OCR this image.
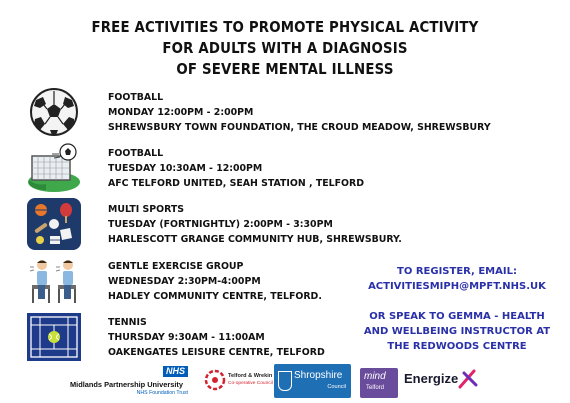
FREE ACTIVITIES TO PROMOTE PHYSICAL ACTIVITY
FOR ADULTS WITH A DIAGNOSIS
OF SEVERE MENTAL ILLNESS
FOOTBALL
MONDAY 12:00PM - 2:00PM
SHREWSBURY TOWN FOUNDATION, THE CROUD MEADOW, SHREWSBURY
FOOTBALL
TUESDAY 10:30AM - 12:00PM
AFC TELFORD UNITED, SEAH STATION , TELFORD
MULTI SPORTS
TUESDAY (FORTNIGHTLY) 2:00PM - 3:30PM
HARLESCOTT GRANGE COMMUNITY HUB, SHREWSBURY.
GENTLE EXERCISE GROUP
WEDNESDAY 2:30PM-4:00PM
HADLEY COMMUNITY CENTRE, TELFORD.
TENNIS
THURSDAY 9:30AM - 11:00AM
OAKENGATES LEISURE CENTRE, TELFORD
TO REGISTER, EMAIL:
ACTIVITIESMIPH@MPFT.NHS.UK
OR SPEAK TO GEMMA - HEALTH
AND WELLBEING INSTRUCTOR AT
THE REDWOODS CENTRE
NHS
Midlands Partnership University
NHS Foundation Trust
Telford & Wrekin
Co-operative Council
Shropshire
Council
mind
Telford
Energize
